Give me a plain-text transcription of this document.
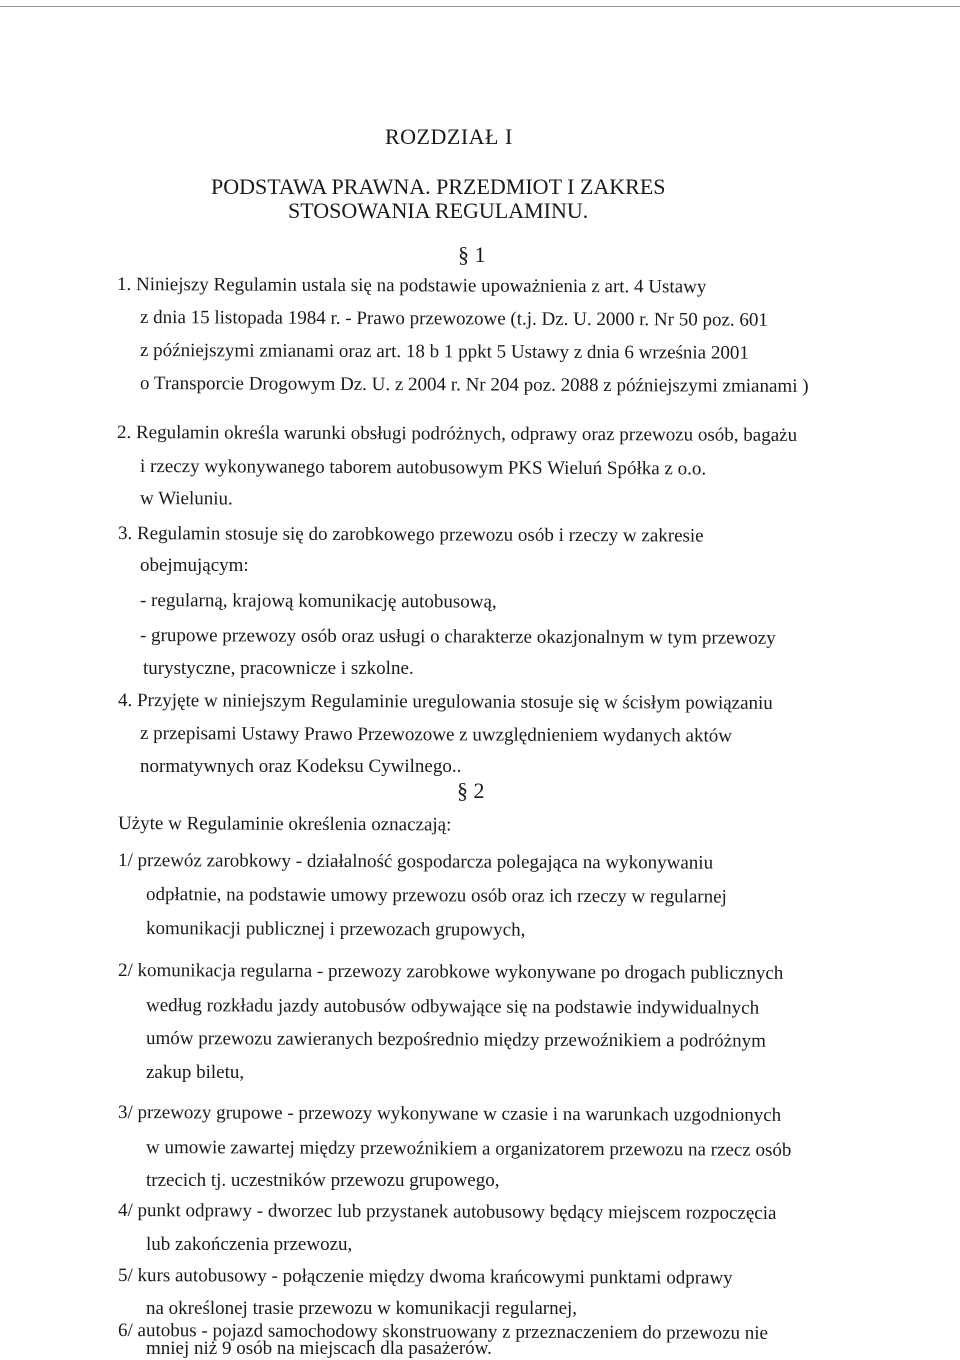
ROZDZIAŁ I
PODSTAWA PRAWNA. PRZEDMIOT I ZAKRES
STOSOWANIA REGULAMINU.
§ 1
1. Niniejszy Regulamin ustala się na podstawie upoważnienia z art. 4 Ustawy
z dnia 15 listopada 1984 r. - Prawo przewozowe (t.j. Dz. U. 2000 r. Nr 50 poz. 601
z późniejszymi zmianami oraz art. 18 b 1 ppkt 5 Ustawy z dnia 6 września 2001
o Transporcie Drogowym Dz. U. z 2004 r. Nr 204 poz. 2088 z późniejszymi zmianami )
2. Regulamin określa warunki obsługi podróżnych, odprawy oraz przewozu osób, bagażu
i rzeczy wykonywanego taborem autobusowym PKS Wieluń Spółka z o.o.
w Wieluniu.
3. Regulamin stosuje się do zarobkowego przewozu osób i rzeczy w zakresie
obejmującym:
- regularną, krajową komunikację autobusową,
- grupowe przewozy osób oraz usługi o charakterze okazjonalnym w tym przewozy
turystyczne, pracownicze i szkolne.
4. Przyjęte w niniejszym Regulaminie uregulowania stosuje się w ścisłym powiązaniu
z przepisami Ustawy Prawo Przewozowe z uwzględnieniem wydanych aktów
normatywnych oraz Kodeksu Cywilnego..
§ 2
Użyte w Regulaminie określenia oznaczają:
1/ przewóz zarobkowy - działalność gospodarcza polegająca na wykonywaniu
odpłatnie, na podstawie umowy przewozu osób oraz ich rzeczy w regularnej
komunikacji publicznej i przewozach grupowych,
2/ komunikacja regularna - przewozy zarobkowe wykonywane po drogach publicznych
według rozkładu jazdy autobusów odbywające się na podstawie indywidualnych
umów przewozu zawieranych bezpośrednio między przewoźnikiem a podróżnym
zakup biletu,
3/ przewozy grupowe - przewozy wykonywane w czasie i na warunkach uzgodnionych
w umowie zawartej między przewoźnikiem a organizatorem przewozu na rzecz osób
trzecich tj. uczestników przewozu grupowego,
4/ punkt odprawy - dworzec lub przystanek autobusowy będący miejscem rozpoczęcia
lub zakończenia przewozu,
5/ kurs autobusowy - połączenie między dwoma krańcowymi punktami odprawy
na określonej trasie przewozu w komunikacji regularnej,
6/ autobus - pojazd samochodowy skonstruowany z przeznaczeniem do przewozu nie
mniej niż 9 osób na miejscach dla pasażerów.
